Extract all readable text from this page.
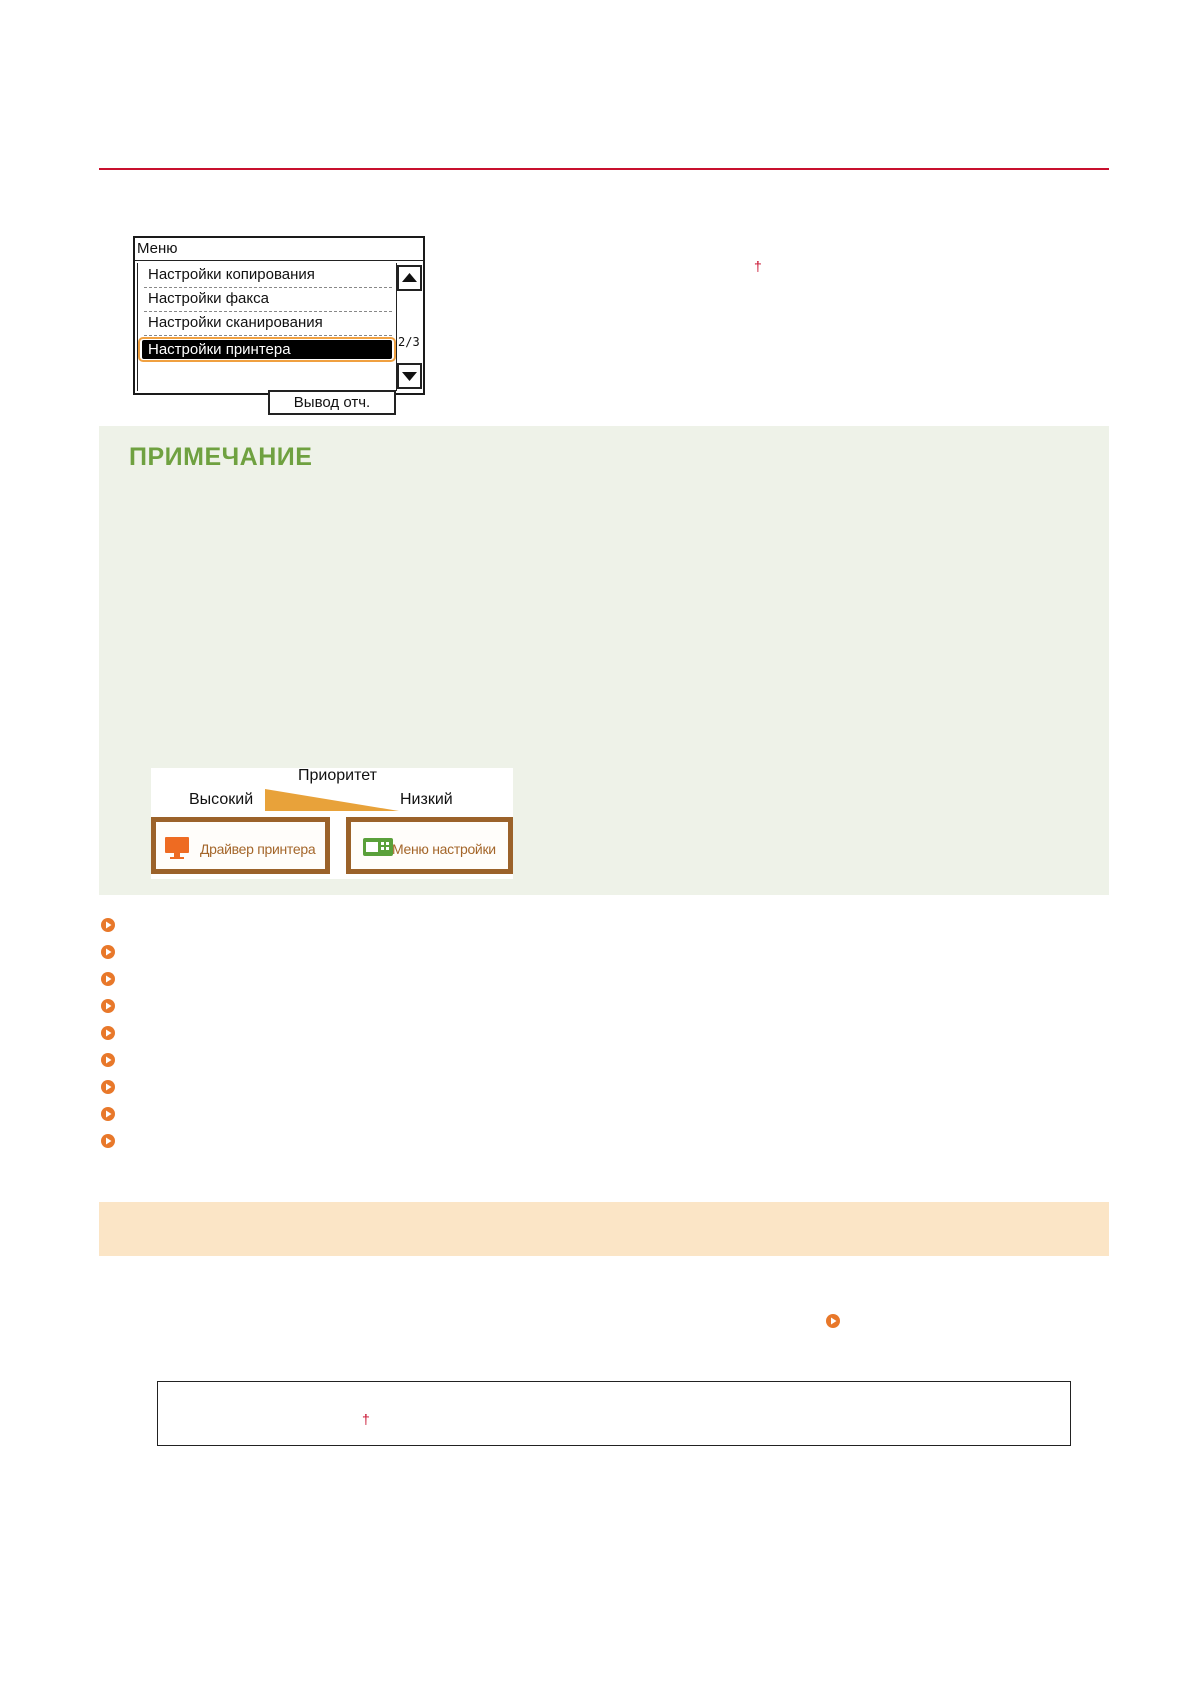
Меню
Настройки копирования
Настройки факса
Настройки сканирования
Настройки принтера
Вывод отч.
2/3
†
ПРИМЕЧАНИЕ
Приоритет
Высокий	Низкий
Драйвер принтера	Меню настройки
†
